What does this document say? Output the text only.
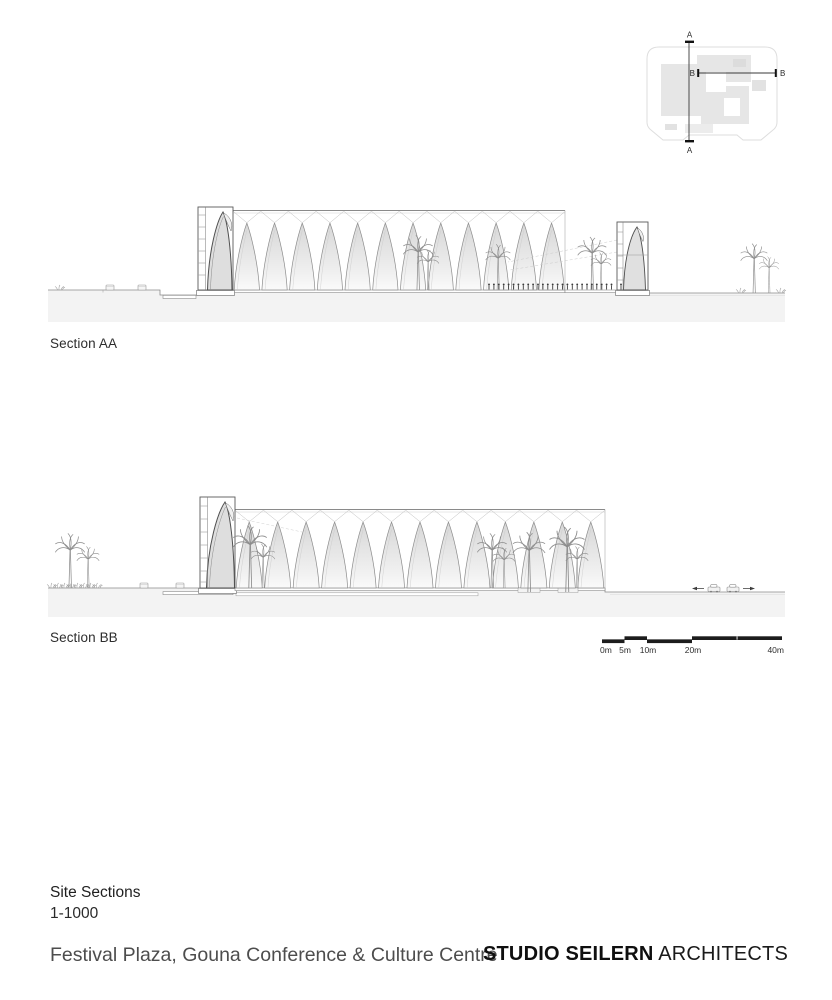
A
A
B	B
Section AA
Section BB
0m 5m 10m	20m	40m
Site Sections
1-1000
Festival Plaza, Gouna Conference & Culture Centre
STUDIO SEILERN ARCHITECTS
